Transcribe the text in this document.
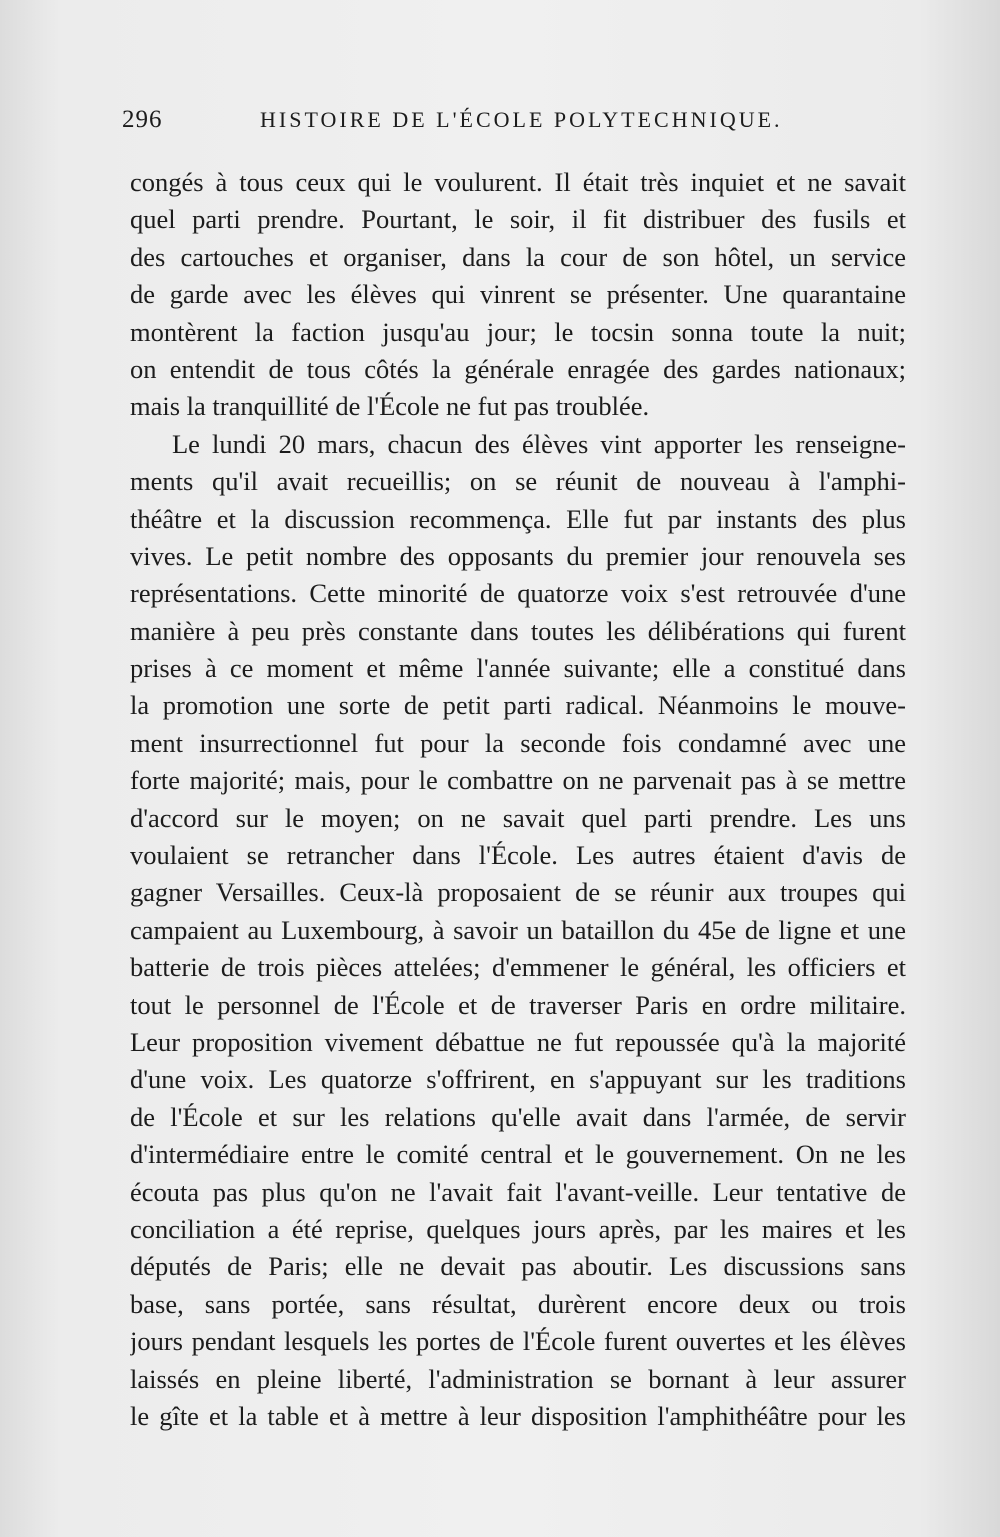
296	HISTOIRE DE L'ÉCOLE POLYTECHNIQUE.
congés à tous ceux qui le voulurent. Il était très inquiet et ne savait
quel parti prendre. Pourtant, le soir, il fit distribuer des fusils et
des cartouches et organiser, dans la cour de son hôtel, un service
de garde avec les élèves qui vinrent se présenter. Une quarantaine
montèrent la faction jusqu'au jour; le tocsin sonna toute la nuit;
on entendit de tous côtés la générale enragée des gardes nationaux;
mais la tranquillité de l'École ne fut pas troublée.
Le lundi 20 mars, chacun des élèves vint apporter les renseigne-
ments qu'il avait recueillis; on se réunit de nouveau à l'amphi-
théâtre et la discussion recommença. Elle fut par instants des plus
vives. Le petit nombre des opposants du premier jour renouvela ses
représentations. Cette minorité de quatorze voix s'est retrouvée d'une
manière à peu près constante dans toutes les délibérations qui furent
prises à ce moment et même l'année suivante; elle a constitué dans
la promotion une sorte de petit parti radical. Néanmoins le mouve-
ment insurrectionnel fut pour la seconde fois condamné avec une
forte majorité; mais, pour le combattre on ne parvenait pas à se mettre
d'accord sur le moyen; on ne savait quel parti prendre. Les uns
voulaient se retrancher dans l'École. Les autres étaient d'avis de
gagner Versailles. Ceux-là proposaient de se réunir aux troupes qui
campaient au Luxembourg, à savoir un bataillon du 45e de ligne et une
batterie de trois pièces attelées; d'emmener le général, les officiers et
tout le personnel de l'École et de traverser Paris en ordre militaire.
Leur proposition vivement débattue ne fut repoussée qu'à la majorité
d'une voix. Les quatorze s'offrirent, en s'appuyant sur les traditions
de l'École et sur les relations qu'elle avait dans l'armée, de servir
d'intermédiaire entre le comité central et le gouvernement. On ne les
écouta pas plus qu'on ne l'avait fait l'avant-veille. Leur tentative de
conciliation a été reprise, quelques jours après, par les maires et les
députés de Paris; elle ne devait pas aboutir. Les discussions sans
base, sans portée, sans résultat, durèrent encore deux ou trois
jours pendant lesquels les portes de l'École furent ouvertes et les élèves
laissés en pleine liberté, l'administration se bornant à leur assurer
le gîte et la table et à mettre à leur disposition l'amphithéâtre pour les
